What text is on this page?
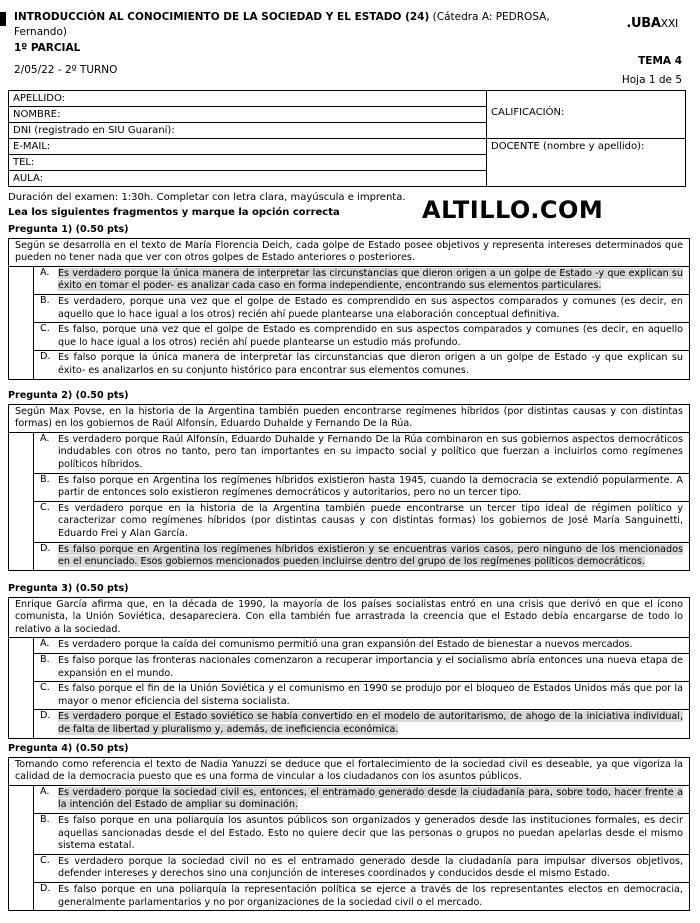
INTRODUCCIÓN AL CONOCIMIENTO DE LA SOCIEDAD Y EL ESTADO (24) (Cátedra A: PEDROSA, Fernando)
.UBAXXI
1º PARCIAL
2/05/22 - 2º TURNO
TEMA 4
Hoja 1 de 5
APELLIDO:	CALIFICACIÓN:

NOMBRE:	
DNI (registrado en SIU Guaraní):	
E-MAIL:	DOCENTE (nombre y apellido):
TEL:	
AULA:	
Duración del examen: 1:30h. Completar con letra clara, mayúscula e imprenta.
Lea los siguientes fragmentos y marque la opción correcta	ALTILLO.COM
Pregunta 1) (0.50 pts)
Según se desarrolla en el texto de María Florencia Deich, cada golpe de Estado posee objetivos y representa intereses determinados que pueden no tener nada que ver con otros golpes de Estado anteriores o posteriores.
A. Es verdadero porque la única manera de interpretar las circunstancias que dieron origen a un golpe de Estado -y que explican su éxito en tomar el poder- es analizar cada caso en forma independiente, encontrando sus elementos particulares.
B. Es verdadero, porque una vez que el golpe de Estado es comprendido en sus aspectos comparados y comunes (es decir, en aquello que lo hace igual a los otros) recién ahí puede plantearse una elaboración conceptual definitiva.
C. Es falso, porque una vez que el golpe de Estado es comprendido en sus aspectos comparados y comunes (es decir, en aquello que lo hace igual a los otros) recién ahí puede plantearse un estudio más profundo.
D. Es falso porque la única manera de interpretar las circunstancias que dieron origen a un golpe de Estado -y que explican su éxito- es analizarlos en su conjunto histórico para encontrar sus elementos comunes.
Pregunta 2) (0.50 pts)
Según Max Povse, en la historia de la Argentina también pueden encontrarse regímenes híbridos (por distintas causas y con distintas formas) en los gobiernos de Raúl Alfonsín, Eduardo Duhalde y Fernando De la Rúa.
A. Es verdadero porque Raúl Alfonsín, Eduardo Duhalde y Fernando De la Rúa combinaron en sus gobiernos aspectos democráticos indudables con otros no tanto, pero tan importantes en su impacto social y político que fuerzan a incluirlos como regímenes políticos híbridos.
B. Es falso porque en Argentina los regímenes híbridos existieron hasta 1945, cuando la democracia se extendió popularmente. A partir de entonces solo existieron regímenes democráticos y autoritarios, pero no un tercer tipo.
C. Es verdadero porque en la historia de la Argentina también puede encontrarse un tercer tipo ideal de régimen político y caracterizar como regímenes híbridos (por distintas causas y con distintas formas) los gobiernos de José María Sanguinetti, Eduardo Frei y Alan García.
D. Es falso porque en Argentina los regímenes híbridos existieron y se encuentras varios casos, pero ninguno de los mencionados en el enunciado. Esos gobiernos mencionados pueden incluirse dentro del grupo de los regímenes políticos democráticos.
Pregunta 3) (0.50 pts)
Enrique García afirma que, en la década de 1990, la mayoría de los países socialistas entró en una crisis que derivó en que el ícono comunista, la Unión Soviética, desapareciera. Con ella también fue arrastrada la creencia que el Estado debía encargarse de todo lo relativo a la sociedad.
A. Es verdadero porque la caída del comunismo permitió una gran expansión del Estado de bienestar a nuevos mercados.
B. Es falso porque las fronteras nacionales comenzaron a recuperar importancia y el socialismo abría entonces una nueva etapa de expansión en el mundo.
C. Es falso porque el fin de la Unión Soviética y el comunismo en 1990 se produjo por el bloqueo de Estados Unidos más que por la mayor o menor eficiencia del sistema socialista.
D. Es verdadero porque el Estado soviético se había convertido en el modelo de autoritarismo, de ahogo de la iniciativa individual, de falta de libertad y pluralismo y, además, de ineficiencia económica.
Pregunta 4) (0.50 pts)
Tomando como referencia el texto de Nadia Yanuzzi se deduce que el fortalecimiento de la sociedad civil es deseable, ya que vigoriza la calidad de la democracia puesto que es una forma de vincular a los ciudadanos con los asuntos públicos.
A. Es verdadero porque la sociedad civil es, entonces, el entramado generado desde la ciudadanía para, sobre todo, hacer frente a la intención del Estado de ampliar su dominación.
B. Es falso porque en una poliarquía los asuntos públicos son organizados y generados desde las instituciones formales, es decir aquellas sancionadas desde el del Estado. Esto no quiere decir que las personas o grupos no puedan apelarlas desde el mismo sistema estatal.
C. Es verdadero porque la sociedad civil no es el entramado generado desde la ciudadanía para impulsar diversos objetivos, defender intereses y derechos sino una conjunción de intereses coordinados y conducidos desde el mismo Estado.
D. Es falso porque en una poliarquía la representación política se ejerce a través de los representantes electos en democracia, generalmente parlamentarios y no por organizaciones de la sociedad civil o el mercado.
